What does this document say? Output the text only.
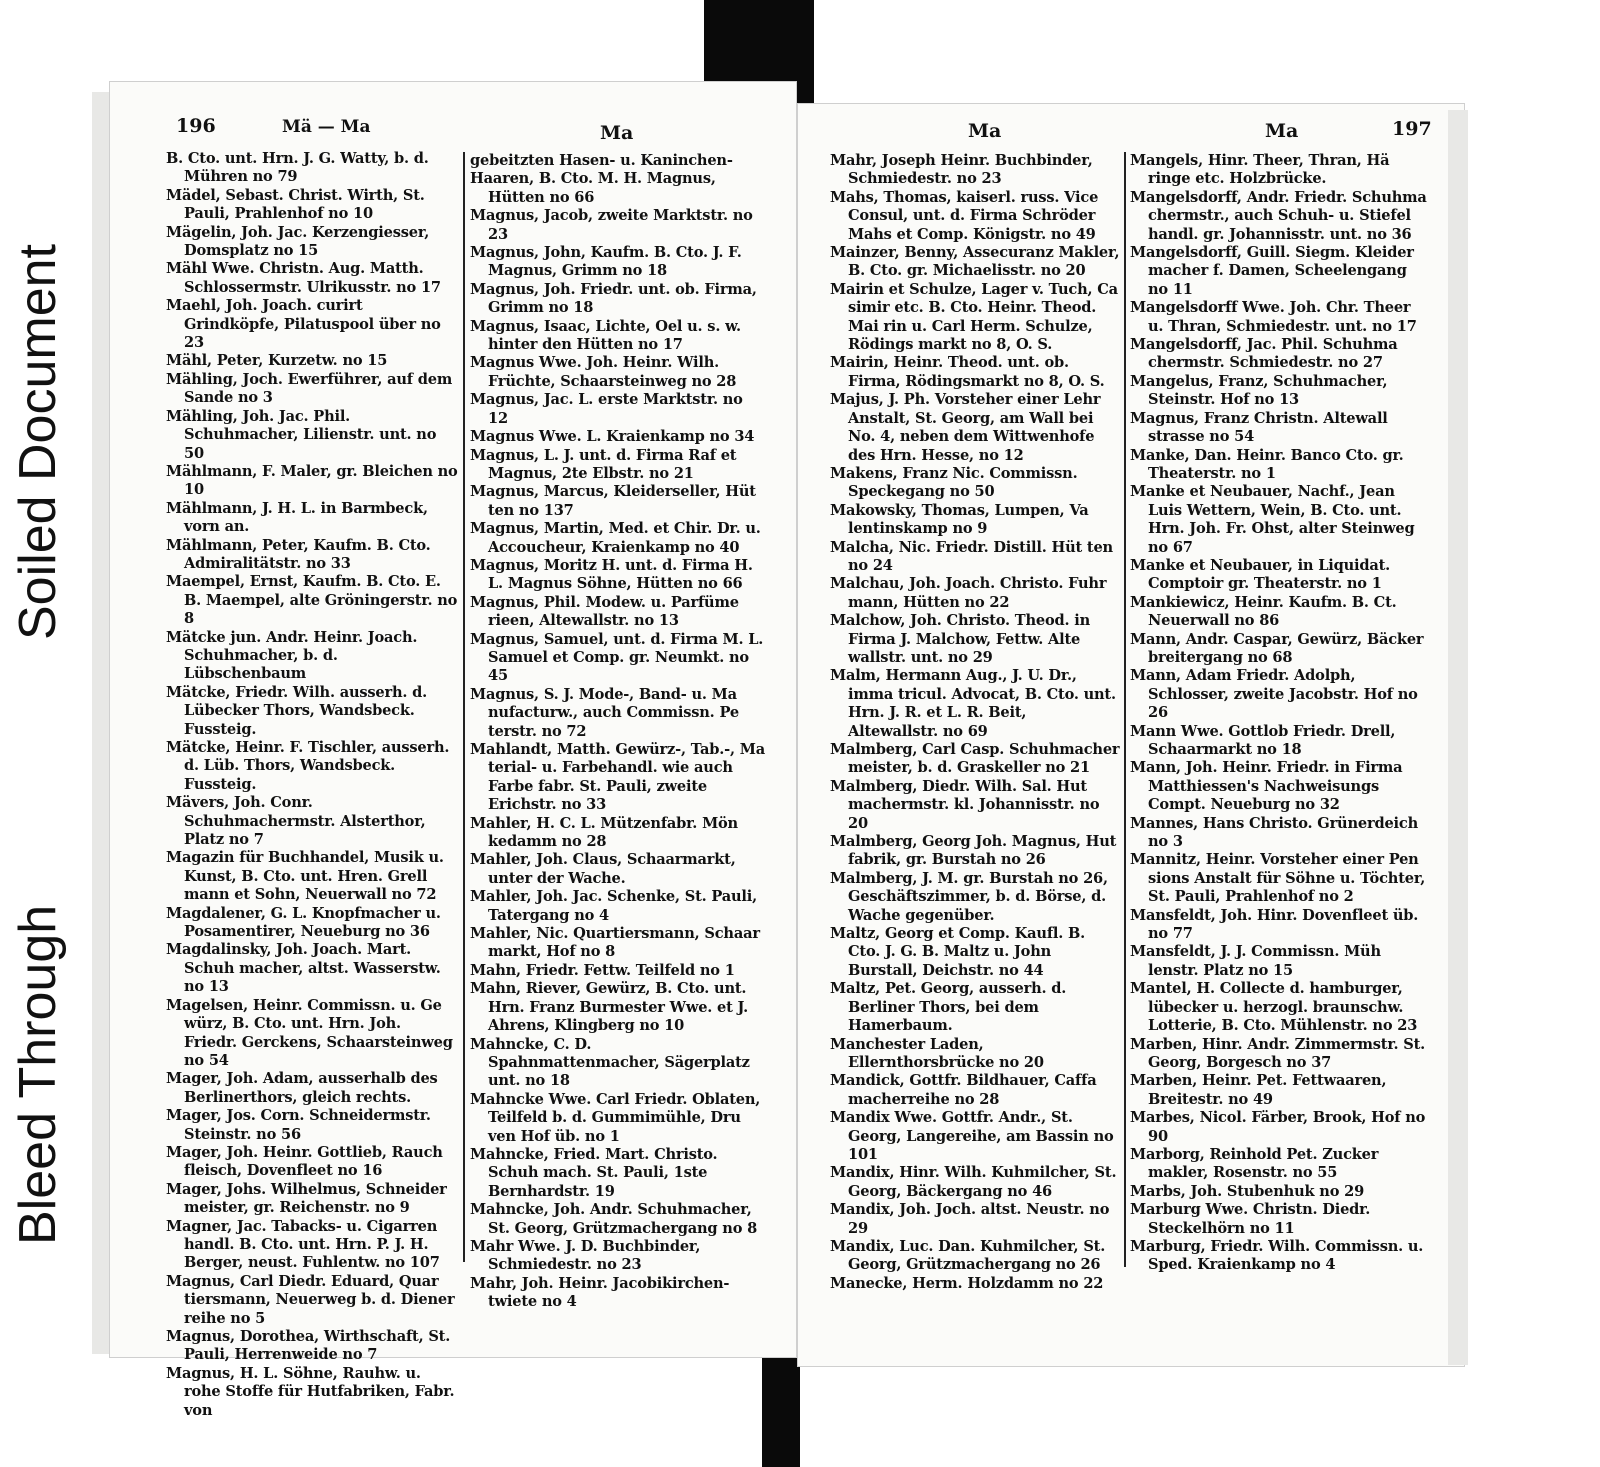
Soiled Document
Bleed Through
196	Mä — Ma	Ma
B. Cto. unt. Hrn. J. G. Watty, b. d. Mühren no 79
Mädel, Sebast. Christ. Wirth, St. Pauli, Prahlenhof no 10
Mägelin, Joh. Jac. Kerzengiesser, Domsplatz no 15
Mähl Wwe. Christn. Aug. Matth. Schlossermstr. Ulrikusstr. no 17
Maehl, Joh. Joach. curirt Grindköpfe, Pilatuspool über no 23
Mähl, Peter, Kurzetw. no 15
Mähling, Joch. Ewerführer, auf dem Sande no 3
Mähling, Joh. Jac. Phil. Schuhmacher, Lilienstr. unt. no 50
Mählmann, F. Maler, gr. Bleichen no 10
Mählmann, J. H. L. in Barmbeck, vorn an.
Mählmann, Peter, Kaufm. B. Cto. Admiralitätstr. no 33
Maempel, Ernst, Kaufm. B. Cto. E. B. Maempel, alte Gröningerstr. no 8
Mätcke jun. Andr. Heinr. Joach. Schuhmacher, b. d. Lübschenbaum
Mätcke, Friedr. Wilh. ausserh. d. Lübecker Thors, Wandsbeck. Fussteig.
Mätcke, Heinr. F. Tischler, ausserh. d. Lüb. Thors, Wandsbeck. Fussteig.
Mävers, Joh. Conr. Schuhmachermstr. Alsterthor, Platz no 7
Magazin für Buchhandel, Musik u. Kunst, B. Cto. unt. Hren. Grell mann et Sohn, Neuerwall no 72
Magdalener, G. L. Knopfmacher u. Posamentirer, Neueburg no 36
Magdalinsky, Joh. Joach. Mart. Schuh macher, altst. Wasserstw. no 13
Magelsen, Heinr. Commissn. u. Ge würz, B. Cto. unt. Hrn. Joh. Friedr. Gerckens, Schaarsteinweg no 54
Mager, Joh. Adam, ausserhalb des Berlinerthors, gleich rechts.
Mager, Jos. Corn. Schneidermstr. Steinstr. no 56
Mager, Joh. Heinr. Gottlieb, Rauch fleisch, Dovenfleet no 16
Mager, Johs. Wilhelmus, Schneider meister, gr. Reichenstr. no 9
Magner, Jac. Tabacks- u. Cigarren handl. B. Cto. unt. Hrn. P. J. H. Berger, neust. Fuhlentw. no 107
Magnus, Carl Diedr. Eduard, Quar tiersmann, Neuerweg b. d. Diener reihe no 5
Magnus, Dorothea, Wirthschaft, St. Pauli, Herrenweide no 7
Magnus, H. L. Söhne, Rauhw. u. rohe Stoffe für Hutfabriken, Fabr. von
gebeitzten Hasen- u. Kaninchen-
Haaren, B. Cto. M. H. Magnus, Hütten no 66
Magnus, Jacob, zweite Marktstr. no 23
Magnus, John, Kaufm. B. Cto. J. F. Magnus, Grimm no 18
Magnus, Joh. Friedr. unt. ob. Firma, Grimm no 18
Magnus, Isaac, Lichte, Oel u. s. w. hinter den Hütten no 17
Magnus Wwe. Joh. Heinr. Wilh. Früchte, Schaarsteinweg no 28
Magnus, Jac. L. erste Marktstr. no 12
Magnus Wwe. L. Kraienkamp no 34
Magnus, L. J. unt. d. Firma Raf et Magnus, 2te Elbstr. no 21
Magnus, Marcus, Kleiderseller, Hüt ten no 137
Magnus, Martin, Med. et Chir. Dr. u. Accoucheur, Kraienkamp no 40
Magnus, Moritz H. unt. d. Firma H. L. Magnus Söhne, Hütten no 66
Magnus, Phil. Modew. u. Parfüme rieen, Altewallstr. no 13
Magnus, Samuel, unt. d. Firma M. L. Samuel et Comp. gr. Neumkt. no 45
Magnus, S. J. Mode-, Band- u. Ma nufacturw., auch Commissn. Pe terstr. no 72
Mahlandt, Matth. Gewürz-, Tab.-, Ma terial- u. Farbehandl. wie auch Farbe fabr. St. Pauli, zweite Erichstr. no 33
Mahler, H. C. L. Mützenfabr. Mön kedamm no 28
Mahler, Joh. Claus, Schaarmarkt, unter der Wache.
Mahler, Joh. Jac. Schenke, St. Pauli, Tatergang no 4
Mahler, Nic. Quartiersmann, Schaar markt, Hof no 8
Mahn, Friedr. Fettw. Teilfeld no 1
Mahn, Riever, Gewürz, B. Cto. unt. Hrn. Franz Burmester Wwe. et J. Ahrens, Klingberg no 10
Mahncke, C. D. Spahnmattenmacher, Sägerplatz unt. no 18
Mahncke Wwe. Carl Friedr. Oblaten, Teilfeld b. d. Gummimühle, Dru ven Hof üb. no 1
Mahncke, Fried. Mart. Christo. Schuh mach. St. Pauli, 1ste Bernhardstr. 19
Mahncke, Joh. Andr. Schuhmacher, St. Georg, Grützmachergang no 8
Mahr Wwe. J. D. Buchbinder, Schmiedestr. no 23
Mahr, Joh. Heinr. Jacobikirchen- twiete no 4
Ma	Ma	197
Mahr, Joseph Heinr. Buchbinder, Schmiedestr. no 23
Mahs, Thomas, kaiserl. russ. Vice Consul, unt. d. Firma Schröder Mahs et Comp. Königstr. no 49
Mainzer, Benny, Assecuranz Makler, B. Cto. gr. Michaelisstr. no 20
Mairin et Schulze, Lager v. Tuch, Ca simir etc. B. Cto. Heinr. Theod. Mai rin u. Carl Herm. Schulze, Rödings markt no 8, O. S.
Mairin, Heinr. Theod. unt. ob. Firma, Rödingsmarkt no 8, O. S.
Majus, J. Ph. Vorsteher einer Lehr Anstalt, St. Georg, am Wall bei No. 4, neben dem Wittwenhofe des Hrn. Hesse, no 12
Makens, Franz Nic. Commissn. Speckegang no 50
Makowsky, Thomas, Lumpen, Va lentinskamp no 9
Malcha, Nic. Friedr. Distill. Hüt ten no 24
Malchau, Joh. Joach. Christo. Fuhr mann, Hütten no 22
Malchow, Joh. Christo. Theod. in Firma J. Malchow, Fettw. Alte wallstr. unt. no 29
Malm, Hermann Aug., J. U. Dr., imma tricul. Advocat, B. Cto. unt. Hrn. J. R. et L. R. Beit, Altewallstr. no 69
Malmberg, Carl Casp. Schuhmacher meister, b. d. Graskeller no 21
Malmberg, Diedr. Wilh. Sal. Hut machermstr. kl. Johannisstr. no 20
Malmberg, Georg Joh. Magnus, Hut fabrik, gr. Burstah no 26
Malmberg, J. M. gr. Burstah no 26, Geschäftszimmer, b. d. Börse, d. Wache gegenüber.
Maltz, Georg et Comp. Kaufl. B. Cto. J. G. B. Maltz u. John Burstall, Deichstr. no 44
Maltz, Pet. Georg, ausserh. d. Berliner Thors, bei dem Hamerbaum.
Manchester Laden, Ellernthorsbrücke no 20
Mandick, Gottfr. Bildhauer, Caffa macherreihe no 28
Mandix Wwe. Gottfr. Andr., St. Georg, Langereihe, am Bassin no 101
Mandix, Hinr. Wilh. Kuhmilcher, St. Georg, Bäckergang no 46
Mandix, Joh. Joch. altst. Neustr. no 29
Mandix, Luc. Dan. Kuhmilcher, St. Georg, Grützmachergang no 26
Manecke, Herm. Holzdamm no 22
Mangels, Hinr. Theer, Thran, Hä ringe etc. Holzbrücke.
Mangelsdorff, Andr. Friedr. Schuhma chermstr., auch Schuh- u. Stiefel handl. gr. Johannisstr. unt. no 36
Mangelsdorff, Guill. Siegm. Kleider macher f. Damen, Scheelengang no 11
Mangelsdorff Wwe. Joh. Chr. Theer u. Thran, Schmiedestr. unt. no 17
Mangelsdorff, Jac. Phil. Schuhma chermstr. Schmiedestr. no 27
Mangelus, Franz, Schuhmacher, Steinstr. Hof no 13
Magnus, Franz Christn. Altewall strasse no 54
Manke, Dan. Heinr. Banco Cto. gr. Theaterstr. no 1
Manke et Neubauer, Nachf., Jean Luis Wettern, Wein, B. Cto. unt. Hrn. Joh. Fr. Ohst, alter Steinweg no 67
Manke et Neubauer, in Liquidat. Comptoir gr. Theaterstr. no 1
Mankiewicz, Heinr. Kaufm. B. Ct. Neuerwall no 86
Mann, Andr. Caspar, Gewürz, Bäcker breitergang no 68
Mann, Adam Friedr. Adolph, Schlosser, zweite Jacobstr. Hof no 26
Mann Wwe. Gottlob Friedr. Drell, Schaarmarkt no 18
Mann, Joh. Heinr. Friedr. in Firma Matthiessen's Nachweisungs Compt. Neueburg no 32
Mannes, Hans Christo. Grünerdeich no 3
Mannitz, Heinr. Vorsteher einer Pen sions Anstalt für Söhne u. Töchter, St. Pauli, Prahlenhof no 2
Mansfeldt, Joh. Hinr. Dovenfleet üb. no 77
Mansfeldt, J. J. Commissn. Müh lenstr. Platz no 15
Mantel, H. Collecte d. hamburger, lübecker u. herzogl. braunschw. Lotterie, B. Cto. Mühlenstr. no 23
Marben, Hinr. Andr. Zimmermstr. St. Georg, Borgesch no 37
Marben, Heinr. Pet. Fettwaaren, Breitestr. no 49
Marbes, Nicol. Färber, Brook, Hof no 90
Marborg, Reinhold Pet. Zucker makler, Rosenstr. no 55
Marbs, Joh. Stubenhuk no 29
Marburg Wwe. Christn. Diedr. Steckelhörn no 11
Marburg, Friedr. Wilh. Commissn. u. Sped. Kraienkamp no 4
